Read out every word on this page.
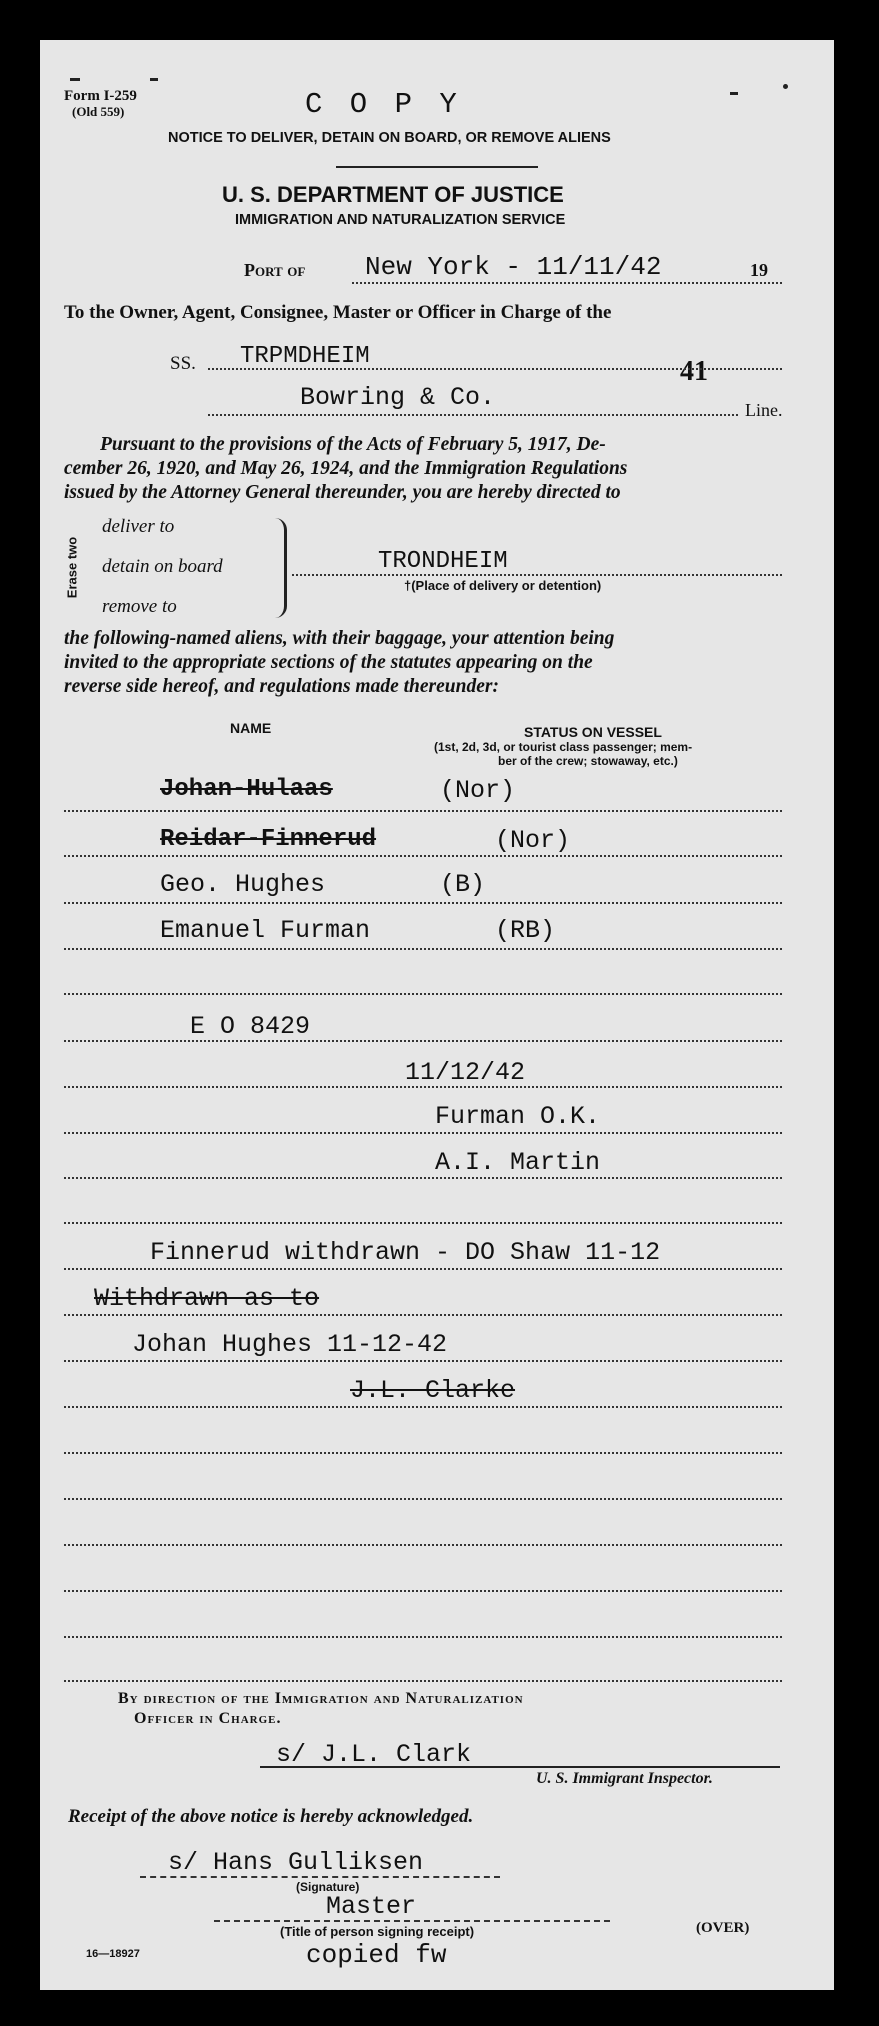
Form I-259
(Old 559)	C O P Y
NOTICE TO DELIVER, DETAIN ON BOARD, OR REMOVE ALIENS
U. S. DEPARTMENT OF JUSTICE
IMMIGRATION AND NATURALIZATION SERVICE
Port of New York - 11/11/42	19
To the Owner, Agent, Consignee, Master or Officer in Charge of the
SS. TRPMDHEIM	41
Bowring & Co.	Line.
Pursuant to the provisions of the Acts of February 5, 1917, De-
cember 26, 1920, and May 26, 1924, and the Immigration Regulations
issued by the Attorney General thereunder, you are hereby directed to
Erase two
deliver to
detain on board
remove to
TRONDHEIM
†(Place of delivery or detention)
the following-named aliens, with their baggage, your attention being
invited to the appropriate sections of the statutes appearing on the
reverse side hereof, and regulations made thereunder:
NAME	STATUS ON VESSEL
(1st, 2d, 3d, or tourist class passenger; mem-
ber of the crew; stowaway, etc.)
Johan-Hulaas	(Nor)
Reidar-Finnerud	(Nor)
Geo. Hughes	(B)
Emanuel Furman	(RB)
E O 8429
11/12/42
Furman O.K.
A.I. Martin
Finnerud withdrawn - DO Shaw 11-12
Withdrawn as to
Johan Hughes 11-12-42
J.L. Clarke
By direction of the Immigration and Naturalization
Officer in Charge.
s/ J.L. Clark
U. S. Immigrant Inspector.
Receipt of the above notice is hereby acknowledged.
s/ Hans Gulliksen
(Signature)
Master
(Title of person signing receipt)
16—18927	copied fw
(OVER)
